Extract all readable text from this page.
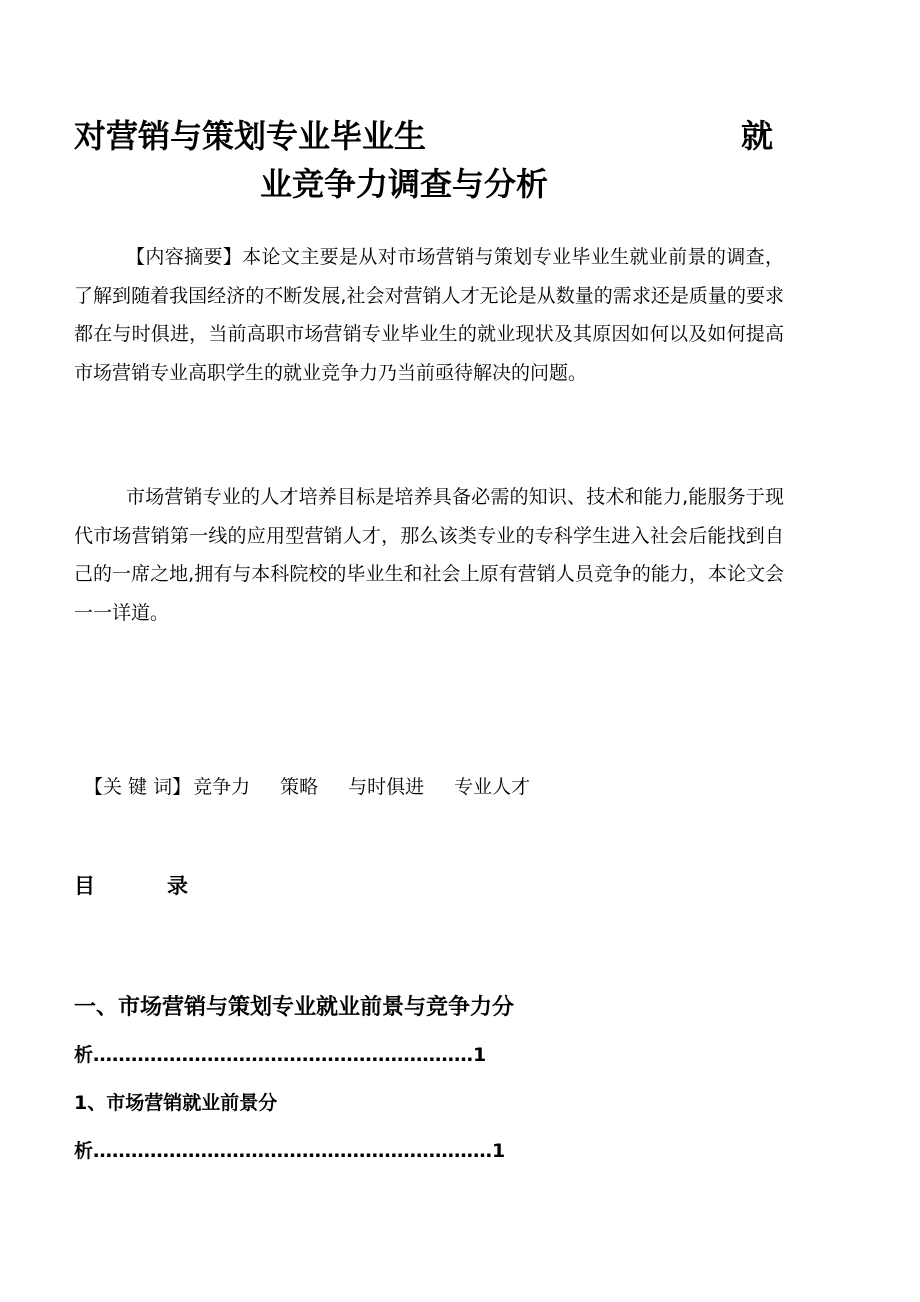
对营销与策划专业毕业生	就
业竞争力调查与分析
【内容摘要】本论文主要是从对市场营销与策划专业毕业生就业前景的调查，了解到随着我国经济的不断发展,社会对营销人才无论是从数量的需求还是质量的要求都在与时俱进，当前高职市场营销专业毕业生的就业现状及其原因如何以及如何提高市场营销专业高职学生的就业竞争力乃当前亟待解决的问题。
市场营销专业的人才培养目标是培养具备必需的知识、技术和能力,能服务于现代市场营销第一线的应用型营销人才，那么该类专业的专科学生进入社会后能找到自己的一席之地,拥有与本科院校的毕业生和社会上原有营销人员竞争的能力，本论文会一一详道。
【关 键 词】 竞争力 策略 与时俱进 专业人才
目	录
一、市场营销与策划专业就业前景与竞争力分
析……………………………………………………1
1、市场营销就业前景分
析………………………………………………………1
